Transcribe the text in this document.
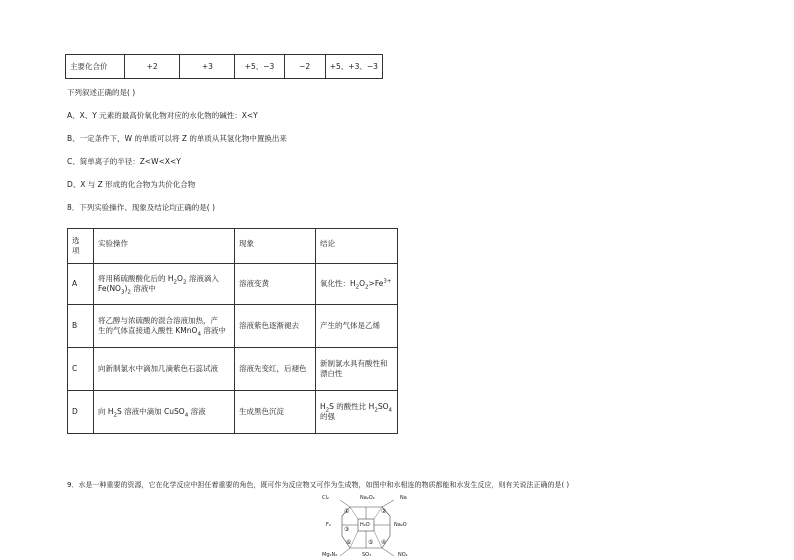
主要化合价	+2	+3	+5、−3	−2	+5、+3、−3
下列叙述正确的是( )
A、X、Y 元素的最高价氧化物对应的水化物的碱性：X<Y
B、一定条件下，W 的单质可以将 Z 的单质从其氢化物中置换出来
C、简单离子的半径：Z<W<X<Y
D、X 与 Z 形成的化合物为共价化合物
8．下列实验操作、现象及结论均正确的是( )
选项	实验操作	现象	结论
A	将用稀硫酸酸化后的 $H_2O_2$ 溶液滴入
$Fe(NO_3)_2$ 溶液中	溶液变黄	氧化性：$H_2O_2>Fe^{3+}$
B	将乙醇与浓硫酸的混合溶液加热，产
生的气体直接通入酸性 KMnO$_4$ 溶液中	溶液紫色逐渐褪去	产生的气体是乙烯
C	向新制氯水中滴加几滴紫色石蕊试液	溶液先变红，后褪色	新制氯水具有酸性和
漂白性
D	向 $H_2S$ 溶液中滴加 CuSO$_4$ 溶液	生成黑色沉淀	$H_2S$ 的酸性比 $H_2SO_4$
的强
9．水是一种重要的资源，它在化学反应中担任着重要的角色，既可作为反应物又可作为生成物，如图中和水相连的物质都能和水发生反应，则有关说法正确的是( )
H₂O
Cl₂	Na₂O₂	Na
Na₂O
NO₂
SO₃
Mg₃N₂
F₂
①	②
③
④
⑤
⑥
